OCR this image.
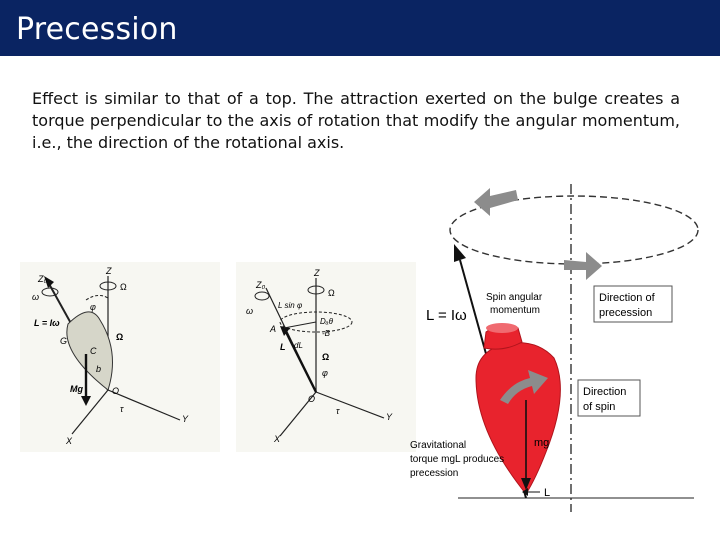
Precession

Effect is similar to that of a top. The attraction exerted on the bulge creates a torque perpendicular to the axis of rotation that modify the angular momentum, i.e., the direction of the rotational axis.

Z₀
Z
Ω
ω
φ
L = Iω
Ω
G
C
b
Mg	O
τ
Y
X
Z₀
Z
Ω
L sin φ
ω
Dₐθ
A	-B
dL
L
Ω
φ
O
τ
Y
X
L = Iω
Spin angular
momentum
Direction of
precession
Direction
of spin
mg
Gravitational
torque mgL produces
precession
L
